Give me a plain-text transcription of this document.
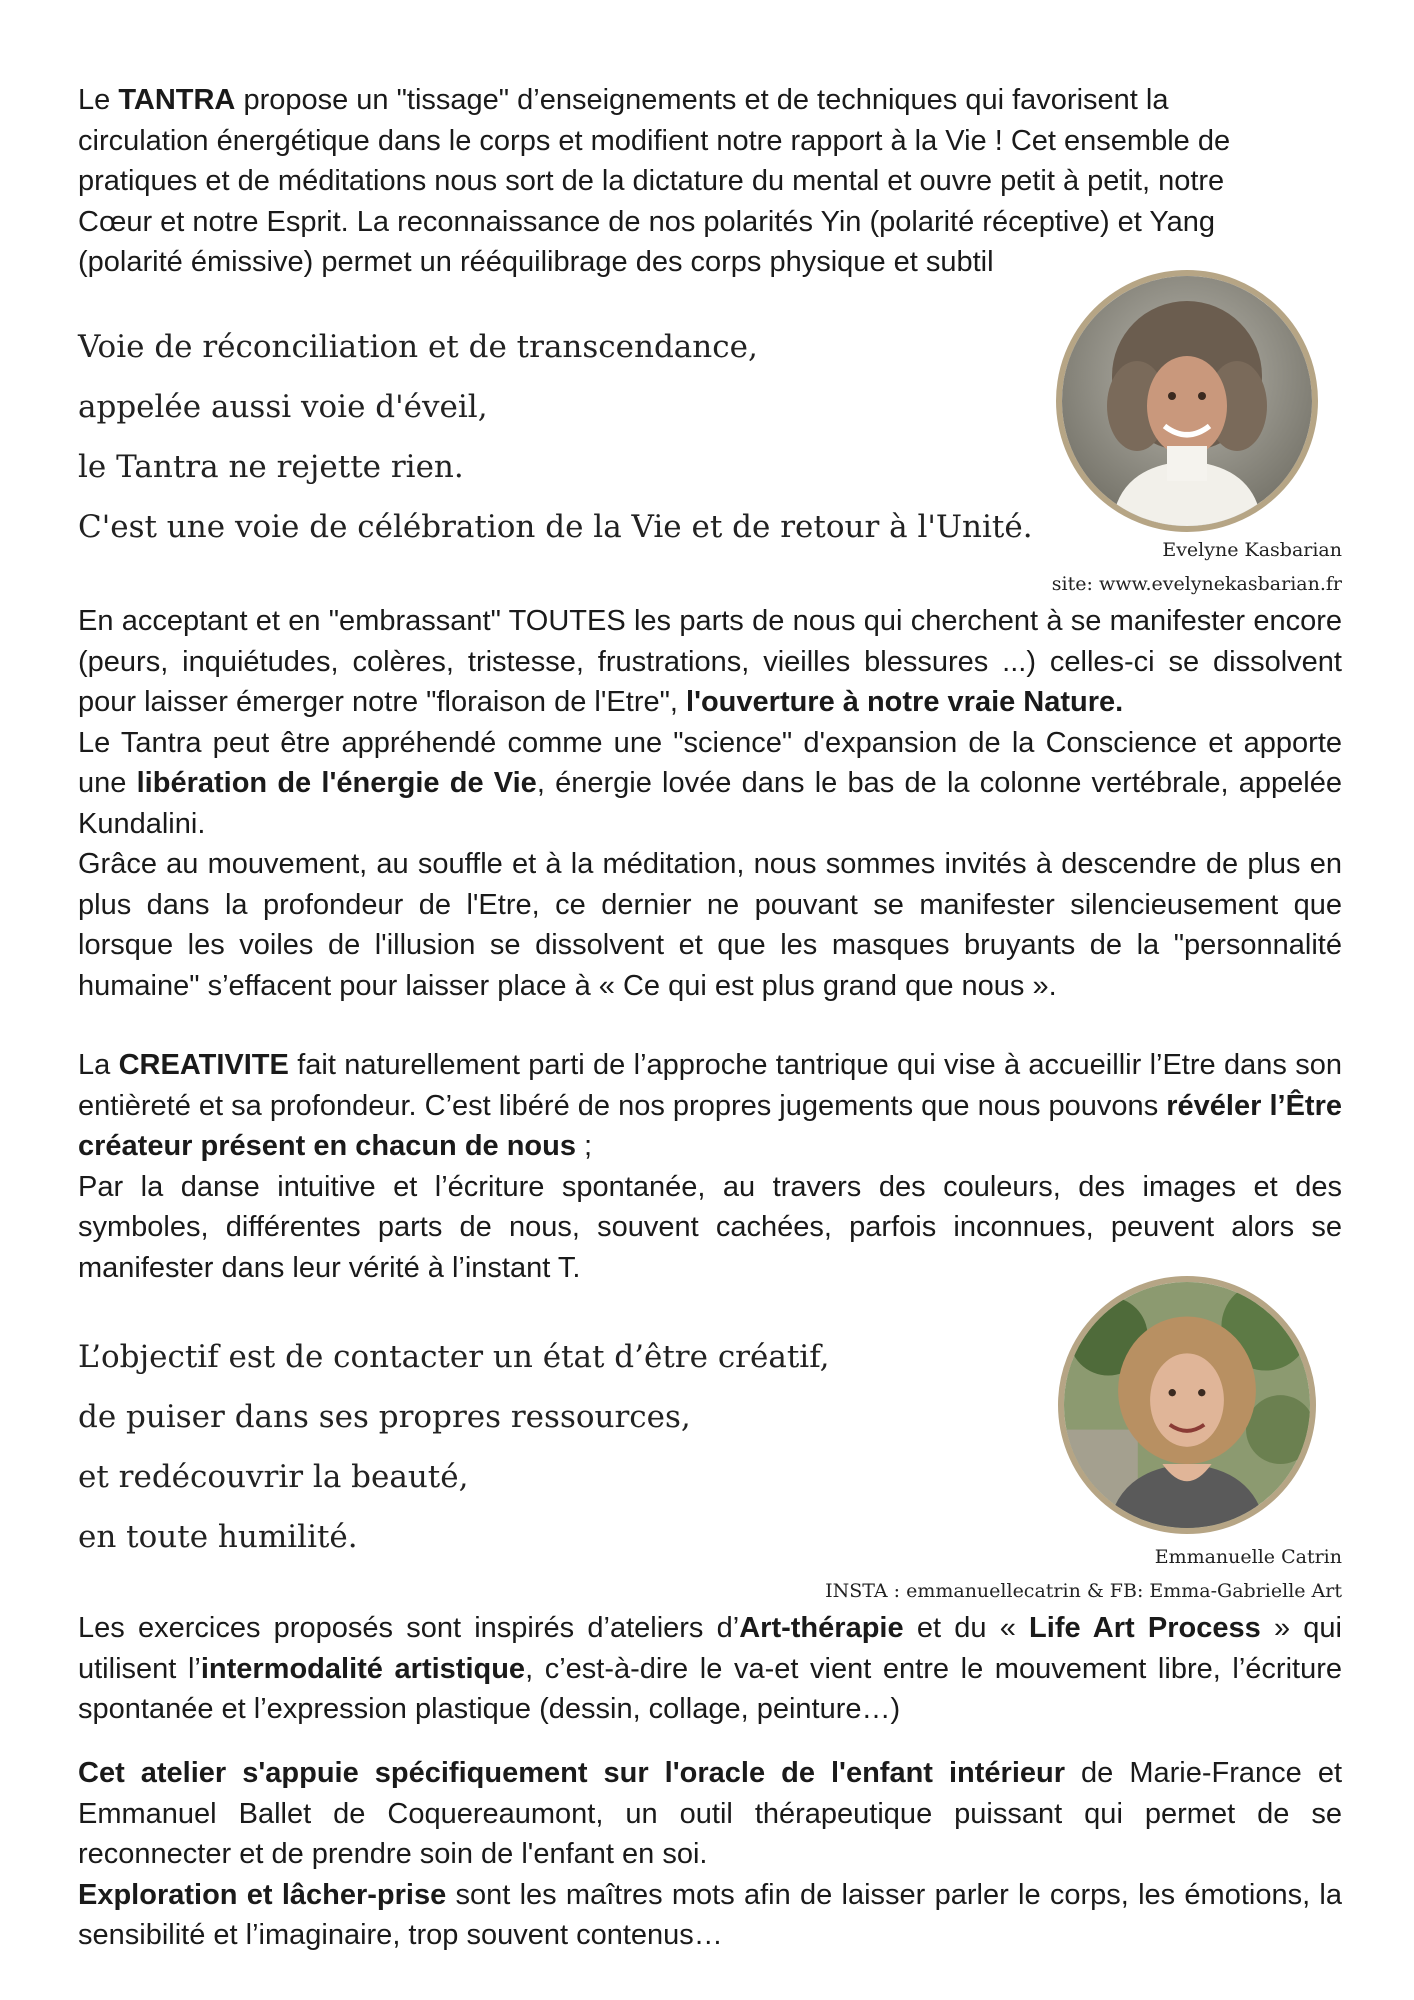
Le TANTRA propose un "tissage" d’enseignements et de techniques qui favorisent la
circulation énergétique dans le corps et modifient notre rapport à la Vie ! Cet ensemble de
pratiques et de méditations nous sort de la dictature du mental et ouvre petit à petit, notre
Cœur et notre Esprit. La reconnaissance de nos polarités Yin (polarité réceptive) et Yang
(polarité émissive) permet un rééquilibrage des corps physique et subtil
Voie de réconciliation et de transcendance,
appelée aussi voie d'éveil,
le Tantra ne rejette rien.
C'est une voie de célébration de la Vie et de retour à l'Unité.
Evelyne Kasbarian
site: www.evelynekasbarian.fr
En acceptant et en "embrassant" TOUTES les parts de nous qui cherchent à se manifester encore (peurs, inquiétudes, colères, tristesse, frustrations, vieilles blessures ...) celles-ci se dissolvent pour laisser émerger notre "floraison de l'Etre", l'ouverture à notre vraie Nature.
Le Tantra peut être appréhendé comme une "science" d'expansion de la Conscience et apporte une libération de l'énergie de Vie, énergie lovée dans le bas de la colonne vertébrale, appelée Kundalini.
Grâce au mouvement, au souffle et à la méditation, nous sommes invités à descendre de plus en plus dans la profondeur de l'Etre, ce dernier ne pouvant se manifester silencieusement que lorsque les voiles de l'illusion se dissolvent et que les masques bruyants de la "personnalité humaine" s’effacent pour laisser place à « Ce qui est plus grand que nous ».
La CREATIVITE fait naturellement parti de l’approche tantrique qui vise à accueillir l’Etre dans son entièreté et sa profondeur. C’est libéré de nos propres jugements que nous pouvons révéler l’Être créateur présent en chacun de nous ;
Par la danse intuitive et l’écriture spontanée, au travers des couleurs, des images et des symboles, différentes parts de nous, souvent cachées, parfois inconnues, peuvent alors se manifester dans leur vérité à l’instant T.
L’objectif est de contacter un état d’être créatif,
de puiser dans ses propres ressources,
et redécouvrir la beauté,
en toute humilité.
Emmanuelle Catrin
INSTA : emmanuellecatrin & FB: Emma-Gabrielle Art
Les exercices proposés sont inspirés d’ateliers d’Art-thérapie et du « Life Art Process » qui utilisent l’intermodalité artistique, c’est-à-dire le va-et vient entre le mouvement libre, l’écriture spontanée et l’expression plastique (dessin, collage, peinture…)
Cet atelier s'appuie spécifiquement sur l'oracle de l'enfant intérieur de Marie-France et Emmanuel Ballet de Coquereaumont, un outil thérapeutique puissant qui permet de se reconnecter et de prendre soin de l'enfant en soi.
Exploration et lâcher-prise sont les maîtres mots afin de laisser parler le corps, les émotions, la sensibilité et l’imaginaire, trop souvent contenus…
